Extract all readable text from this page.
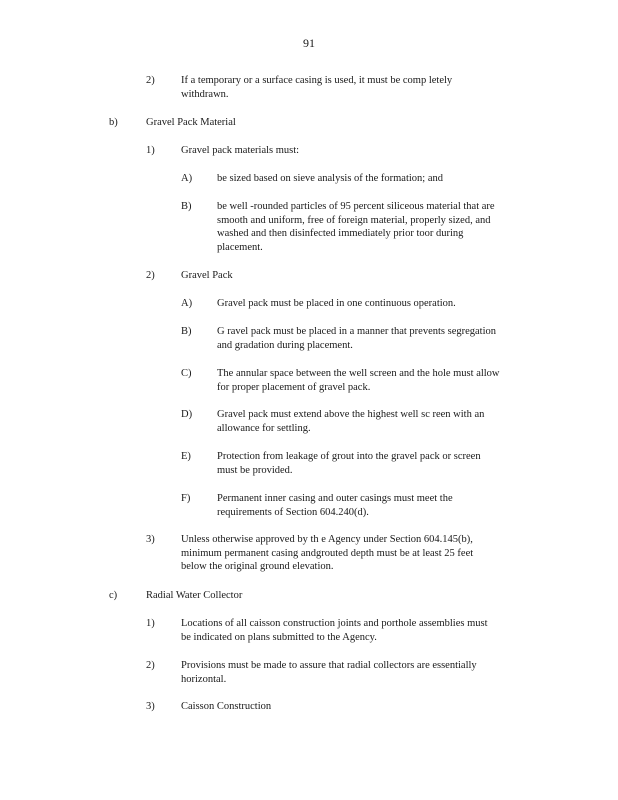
91
2)	If a temporary or a surface casing is used, it must be comp letely
withdrawn.
b)	Gravel Pack Material
1)	Gravel pack materials must:
A) be sized based on sieve analysis of the formation; and
B) be well -rounded particles of 95 percent siliceous material that are
smooth and uniform, free of foreign material, properly sized, and
washed and then disinfected immediately prior toor during
placement.
2)	Gravel Pack
A) Gravel pack must be placed in one continuous operation.
B) G ravel pack must be placed in a manner that prevents segregation
and gradation during placement.
C) The annular space between the well screen and the hole must allow
for proper placement of gravel pack.
D) Gravel pack must extend above the highest well sc reen with an
allowance for settling.
E) Protection from leakage of grout into the gravel pack or screen
must be provided.
F)	Permanent inner casing and outer casings must meet the
requirements of Section 604.240(d).
3)	Unless otherwise approved by th e Agency under Section 604.145(b),
minimum permanent casing andgrouted depth must be at least 25 feet
below the original ground elevation.
c)	Radial Water Collector
1)	Locations of all caisson construction joints and porthole assemblies must
be indicated on plans submitted to the Agency.
2)	Provisions must be made to assure that radial collectors are essentially
horizontal.
3)	Caisson Construction
